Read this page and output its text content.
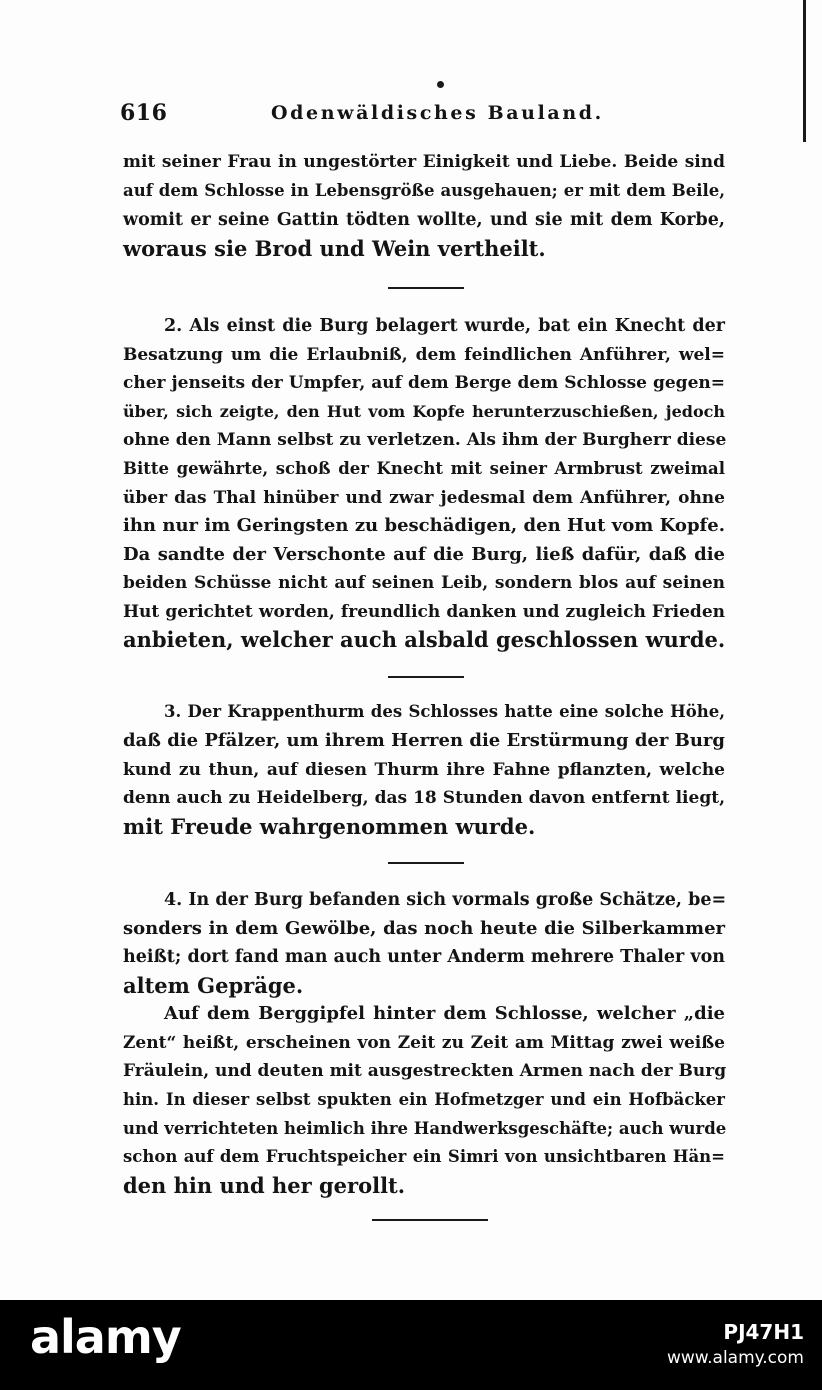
616	Odenwäldisches Bauland.

mit seiner Frau in ungestörter Einigkeit und Liebe. Beide sind

auf dem Schlosse in Lebensgröße ausgehauen; er mit dem Beile,

womit er seine Gattin tödten wollte, und sie mit dem Korbe,

woraus sie Brod und Wein vertheilt.

2. Als einst die Burg belagert wurde, bat ein Knecht der

Besatzung um die Erlaubniß, dem feindlichen Anführer, wel=

cher jenseits der Umpfer, auf dem Berge dem Schlosse gegen=

über, sich zeigte, den Hut vom Kopfe herunterzuschießen, jedoch

ohne den Mann selbst zu verletzen. Als ihm der Burgherr diese

Bitte gewährte, schoß der Knecht mit seiner Armbrust zweimal

über das Thal hinüber und zwar jedesmal dem Anführer, ohne

ihn nur im Geringsten zu beschädigen, den Hut vom Kopfe.

Da sandte der Verschonte auf die Burg, ließ dafür, daß die

beiden Schüsse nicht auf seinen Leib, sondern blos auf seinen

Hut gerichtet worden, freundlich danken und zugleich Frieden

anbieten, welcher auch alsbald geschlossen wurde.

3. Der Krappenthurm des Schlosses hatte eine solche Höhe,

daß die Pfälzer, um ihrem Herren die Erstürmung der Burg

kund zu thun, auf diesen Thurm ihre Fahne pflanzten, welche

denn auch zu Heidelberg, das 18 Stunden davon entfernt liegt,

mit Freude wahrgenommen wurde.

4. In der Burg befanden sich vormals große Schätze, be=

sonders in dem Gewölbe, das noch heute die Silberkammer

heißt; dort fand man auch unter Anderm mehrere Thaler von

altem Gepräge.

Auf dem Berggipfel hinter dem Schlosse, welcher „die

Zent“ heißt, erscheinen von Zeit zu Zeit am Mittag zwei weiße

Fräulein, und deuten mit ausgestreckten Armen nach der Burg

hin. In dieser selbst spukten ein Hofmetzger und ein Hofbäcker

und verrichteten heimlich ihre Handwerksgeschäfte; auch wurde

schon auf dem Fruchtspeicher ein Simri von unsichtbaren Hän=

den hin und her gerollt.

alamy	PJ47H1
www.alamy.com
